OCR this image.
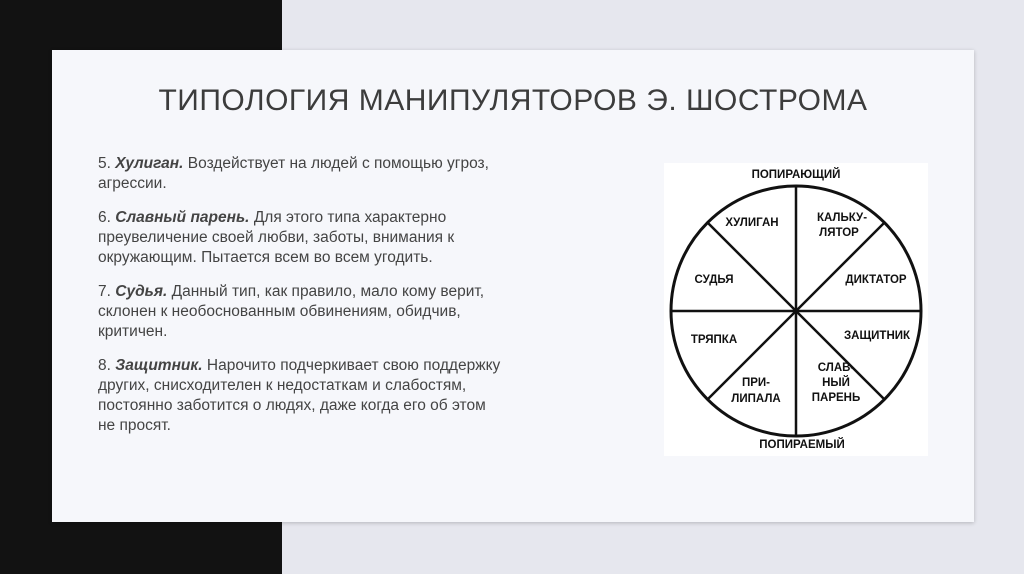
ТИПОЛОГИЯ МАНИПУЛЯТОРОВ Э. ШОСТРОМА

5. Хулиган. Воздействует на людей с помощью угроз,
агрессии.

6. Славный парень. Для этого типа характерно
преувеличение своей любви, заботы, внимания к
окружающим. Пытается всем во всем угодить.

7. Судья. Данный тип, как правило, мало кому верит,
склонен к необоснованным обвинениям, обидчив,
критичен.

8. Защитник. Нарочито подчеркивает свою поддержку
других, снисходителен к недостаткам и слабостям,
постоянно заботится о людях, даже когда его об этом
не просят.

ПОПИРАЮЩИЙ
ХУЛИГАН	КАЛЬКУ-
ЛЯТОР
ДИКТАТОР
ЗАЩИТНИК
СЛАВ-
НЫЙ
ПАРЕНЬ
ПРИ-
ЛИПАЛА
ТРЯПКА
СУДЬЯ
ПОПИРАЕМЫЙ
